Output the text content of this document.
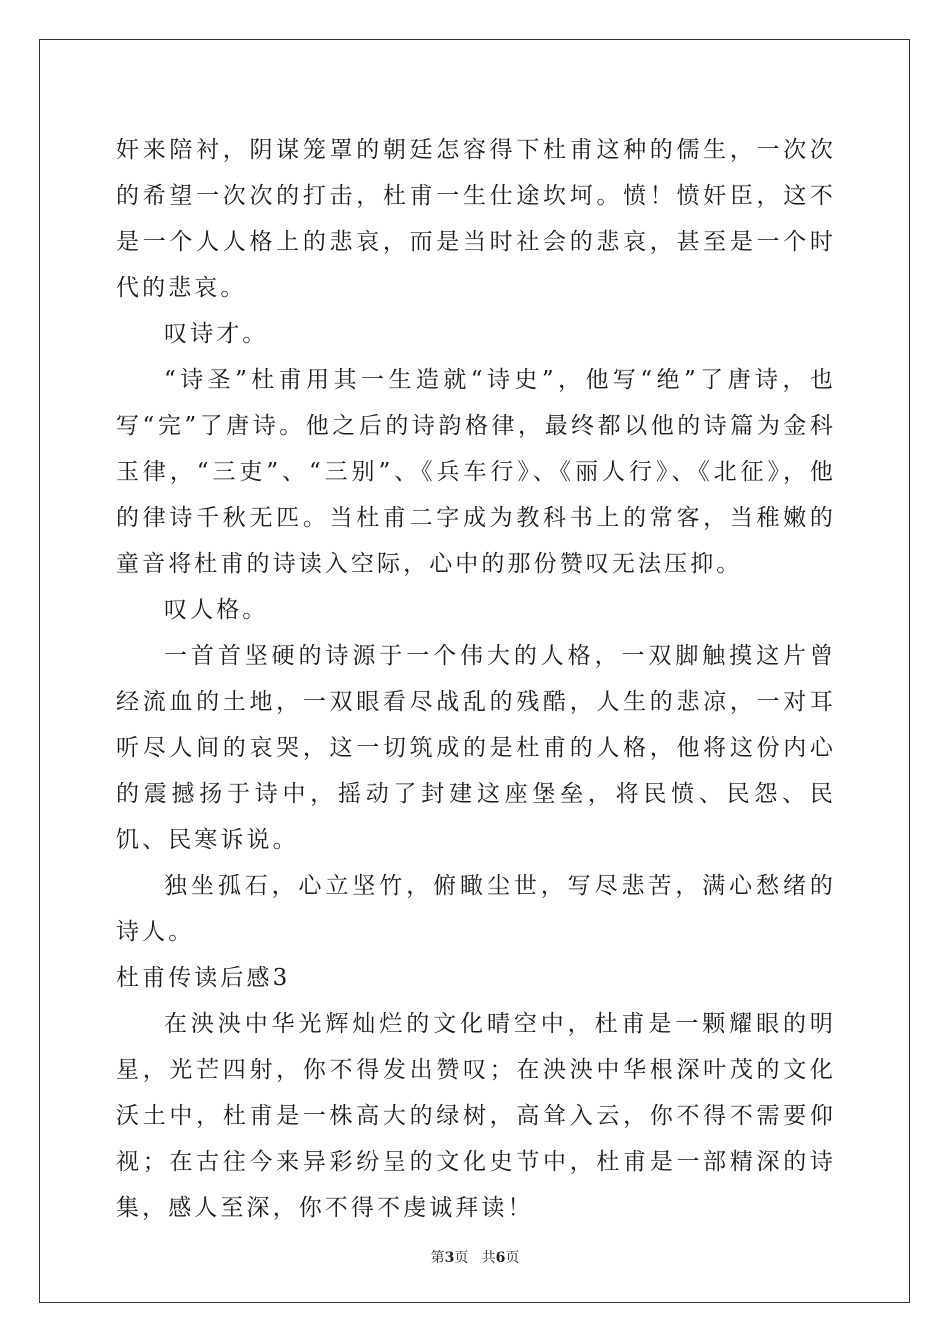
奸来陪衬，阴谋笼罩的朝廷怎容得下杜甫这种的儒生，一次次的希望一次次的打击，杜甫一生仕途坎坷。愤！愤奸臣，这不是一个人人格上的悲哀，而是当时社会的悲哀，甚至是一个时代的悲哀。

叹诗才。

“诗圣”杜甫用其一生造就“诗史”，他写“绝”了唐诗，也写“完”了唐诗。他之后的诗韵格律，最终都以他的诗篇为金科玉律，“三吏”、“三别”、《兵车行》、《丽人行》、《北征》，他的律诗千秋无匹。当杜甫二字成为教科书上的常客，当稚嫩的童音将杜甫的诗读入空际，心中的那份赞叹无法压抑。

叹人格。

一首首坚硬的诗源于一个伟大的人格，一双脚触摸这片曾经流血的土地，一双眼看尽战乱的残酷，人生的悲凉，一对耳听尽人间的哀哭，这一切筑成的是杜甫的人格，他将这份内心的震撼扬于诗中，摇动了封建这座堡垒，将民愤、民怨、民饥、民寒诉说。

独坐孤石，心立坚竹，俯瞰尘世，写尽悲苦，满心愁绪的诗人。

杜甫传读后感3

在泱泱中华光辉灿烂的文化晴空中，杜甫是一颗耀眼的明星，光芒四射，你不得发出赞叹；在泱泱中华根深叶茂的文化沃土中，杜甫是一株高大的绿树，高耸入云，你不得不需要仰视；在古往今来异彩纷呈的文化史节中，杜甫是一部精深的诗集，感人至深，你不得不虔诚拜读！

第3页   共6页
